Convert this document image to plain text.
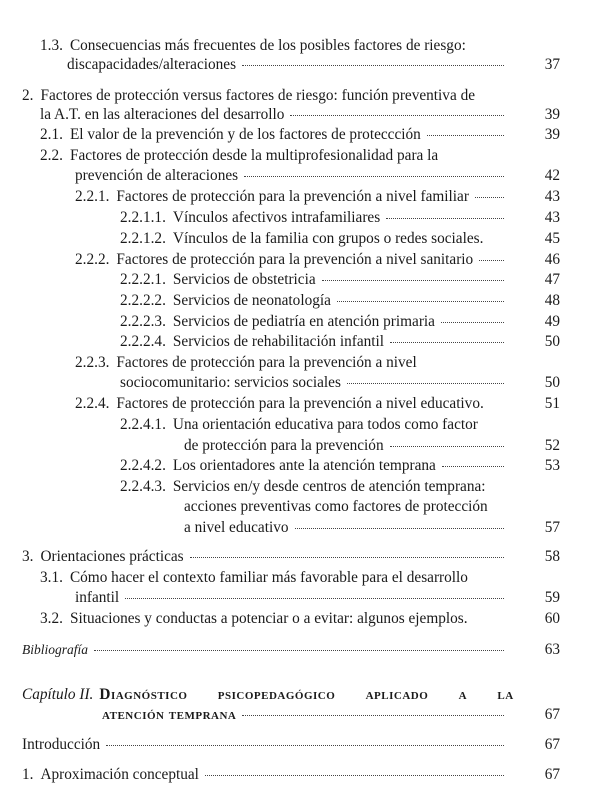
1.3. Consecuencias más frecuentes de los posibles factores de riesgo:
discapacidades/alteraciones	37
2. Factores de protección versus factores de riesgo: función preventiva de
la A.T. en las alteraciones del desarrollo	39
2.1. El valor de la prevención y de los factores de proteccción	39
2.2. Factores de protección desde la multiprofesionalidad para la
prevención de alteraciones	42
2.2.1. Factores de protección para la prevención a nivel familiar	43
2.2.1.1. Vínculos afectivos intrafamiliares	43
2.2.1.2. Vínculos de la familia con grupos o redes sociales.	45
2.2.2. Factores de protección para la prevención a nivel sanitario	46
2.2.2.1. Servicios de obstetricia	47
2.2.2.2. Servicios de neonatología	48
2.2.2.3. Servicios de pediatría en atención primaria	49
2.2.2.4. Servicios de rehabilitación infantil	50
2.2.3. Factores de protección para la prevención a nivel
sociocomunitario: servicios sociales	50
2.2.4. Factores de protección para la prevención a nivel educativo.	51
2.2.4.1. Una orientación educativa para todos como factor
de protección para la prevención	52
2.2.4.2. Los orientadores ante la atención temprana	53
2.2.4.3. Servicios en/y desde centros de atención temprana:
acciones preventivas como factores de protección
a nivel educativo	57
3. Orientaciones prácticas	58
3.1. Cómo hacer el contexto familiar más favorable para el desarrollo
infantil	59
3.2. Situaciones y conductas a potenciar o a evitar: algunos ejemplos.	60
Bibliografía	63
Capítulo II. Diagnóstico psicopedagógico aplicado a la
atención temprana	67
Introducción	67
1. Aproximación conceptual	67
